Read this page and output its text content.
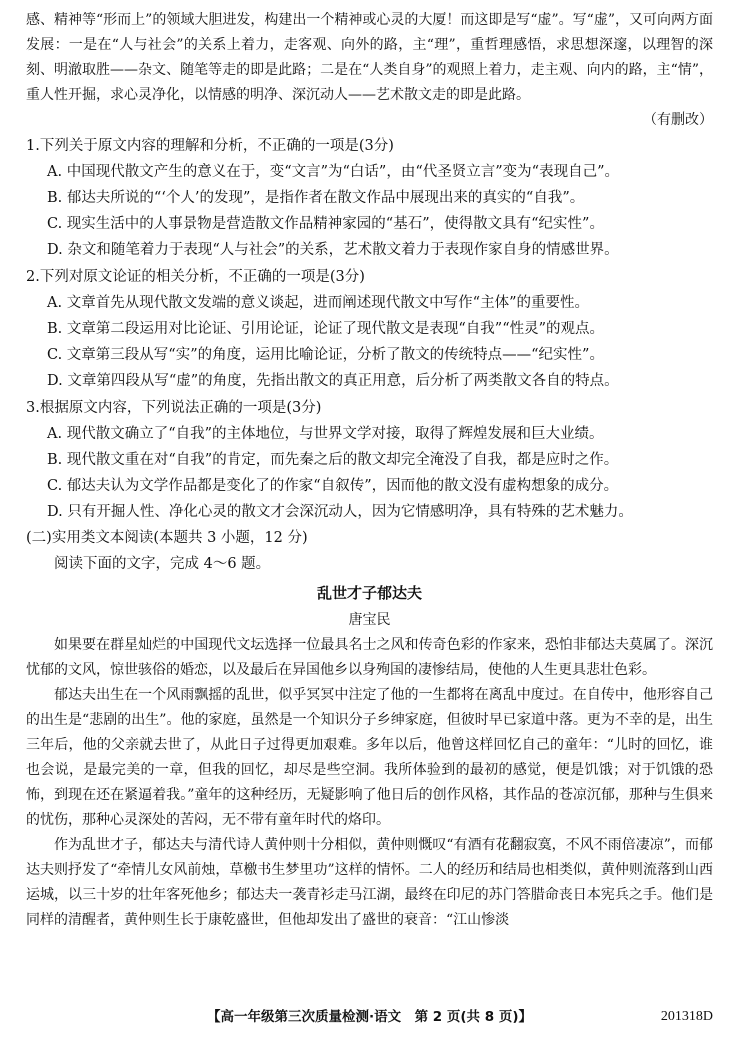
感、精神等“形而上”的领域大胆进发，构建出一个精神或心灵的大厦！而这即是写“虚”。写“虚”，又可向两方面发展：一是在“人与社会”的关系上着力，走客观、向外的路，主“理”，重哲理感悟，求思想深邃，以理智的深刻、明澈取胜——杂文、随笔等走的即是此路；二是在“人类自身”的观照上着力，走主观、向内的路，主“情”，重人性开掘，求心灵净化，以情感的明净、深沉动人——艺术散文走的即是此路。

（有删改）

1.下列关于原文内容的理解和分析，不正确的一项是(3分)

A. 中国现代散文产生的意义在于，变“文言”为“白话”，由“代圣贤立言”变为“表现自己”。

B. 郁达夫所说的“‘个人’的发现”，是指作者在散文作品中展现出来的真实的“自我”。

C. 现实生活中的人事景物是营造散文作品精神家园的“基石”，使得散文具有“纪实性”。

D. 杂文和随笔着力于表现“人与社会”的关系，艺术散文着力于表现作家自身的情感世界。

2.下列对原文论证的相关分析，不正确的一项是(3分)

A. 文章首先从现代散文发端的意义谈起，进而阐述现代散文中写作“主体”的重要性。

B. 文章第二段运用对比论证、引用论证，论证了现代散文是表现“自我”“性灵”的观点。

C. 文章第三段从写“实”的角度，运用比喻论证，分析了散文的传统特点——“纪实性”。

D. 文章第四段从写“虚”的角度，先指出散文的真正用意，后分析了两类散文各自的特点。

3.根据原文内容，下列说法正确的一项是(3分)

A. 现代散文确立了“自我”的主体地位，与世界文学对接，取得了辉煌发展和巨大业绩。

B. 现代散文重在对“自我”的肯定，而先秦之后的散文却完全淹没了自我，都是应时之作。

C. 郁达夫认为文学作品都是变化了的作家“自叙传”，因而他的散文没有虚构想象的成分。

D. 只有开掘人性、净化心灵的散文才会深沉动人，因为它情感明净，具有特殊的艺术魅力。

(二)实用类文本阅读(本题共 3 小题，12 分)

阅读下面的文字，完成 4～6 题。

乱世才子郁达夫

唐宝民

如果要在群星灿烂的中国现代文坛选择一位最具名士之风和传奇色彩的作家来，恐怕非郁达夫莫属了。深沉忧郁的文风，惊世骇俗的婚恋，以及最后在异国他乡以身殉国的凄惨结局，使他的人生更具悲壮色彩。

郁达夫出生在一个风雨飘摇的乱世，似乎冥冥中注定了他的一生都将在离乱中度过。在自传中，他形容自己的出生是“悲剧的出生”。他的家庭，虽然是一个知识分子乡绅家庭，但彼时早已家道中落。更为不幸的是，出生三年后，他的父亲就去世了，从此日子过得更加艰难。多年以后，他曾这样回忆自己的童年：“儿时的回忆，谁也会说，是最完美的一章，但我的回忆，却尽是些空洞。我所体验到的最初的感觉，便是饥饿；对于饥饿的恐怖，到现在还在紧逼着我。”童年的这种经历，无疑影响了他日后的创作风格，其作品的苍凉沉郁，那种与生俱来的忧伤，那种心灵深处的苦闷，无不带有童年时代的烙印。

作为乱世才子，郁达夫与清代诗人黄仲则十分相似，黄仲则慨叹“有酒有花翻寂寞，不风不雨倍凄凉”，而郁达夫则抒发了“牵情儿女风前烛，草檄书生梦里功”这样的情怀。二人的经历和结局也相类似，黄仲则流落到山西运城，以三十岁的壮年客死他乡；郁达夫一袭青衫走马江湖，最终在印尼的苏门答腊命丧日本宪兵之手。他们是同样的清醒者，黄仲则生长于康乾盛世，但他却发出了盛世的衰音：“江山惨淡

【高一年级第三次质量检测·语文　第 2 页(共 8 页)】	201318D
